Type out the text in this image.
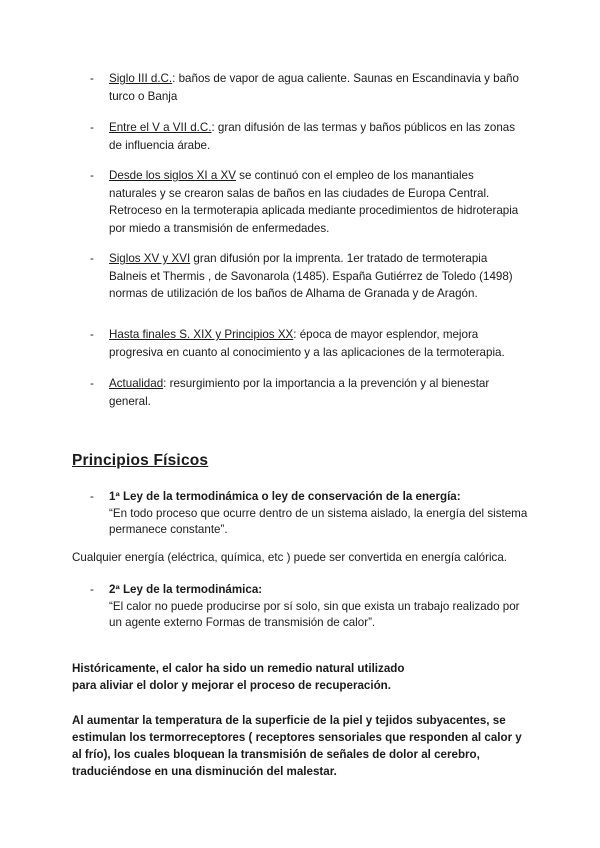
- Siglo III d.C.: baños de vapor de agua caliente. Saunas en Escandinavia y baño turco o Banja
- Entre el V a VII d.C.: gran difusión de las termas y baños públicos en las zonas de influencia árabe.
- Desde los siglos XI a XV se continuó con el empleo de los manantiales naturales y se crearon salas de baños en las ciudades de Europa Central. Retroceso en la termoterapia aplicada mediante procedimientos de hidroterapia por miedo a transmisión de enfermedades.
- Siglos XV y XVI gran difusión por la imprenta. 1er tratado de termoterapia Balneis et Thermis , de Savonarola (1485). España Gutiérrez de Toledo (1498) normas de utilización de los baños de Alhama de Granada y de Aragón.
- Hasta finales S. XIX y Principios XX: época de mayor esplendor, mejora progresiva en cuanto al conocimiento y a las aplicaciones de la termoterapia.
- Actualidad: resurgimiento por la importancia a la prevención y al bienestar general.
Principios Físicos
- 1ª Ley de la termodinámica o ley de conservación de la energía:
“En todo proceso que ocurre dentro de un sistema aislado, la energía del sistema permanece constante”.
Cualquier energía (eléctrica, química, etc ) puede ser convertida en energía calórica.
- 2ª Ley de la termodinámica:
“El calor no puede producirse por sí solo, sin que exista un trabajo realizado por un agente externo Formas de transmisión de calor”.
Históricamente, el calor ha sido un remedio natural utilizado
para aliviar el dolor y mejorar el proceso de recuperación.
Al aumentar la temperatura de la superficie de la piel y tejidos subyacentes, se estimulan los termorreceptores ( receptores sensoriales que responden al calor y al frío), los cuales bloquean la transmisión de señales de dolor al cerebro, traduciéndose en una disminución del malestar.
